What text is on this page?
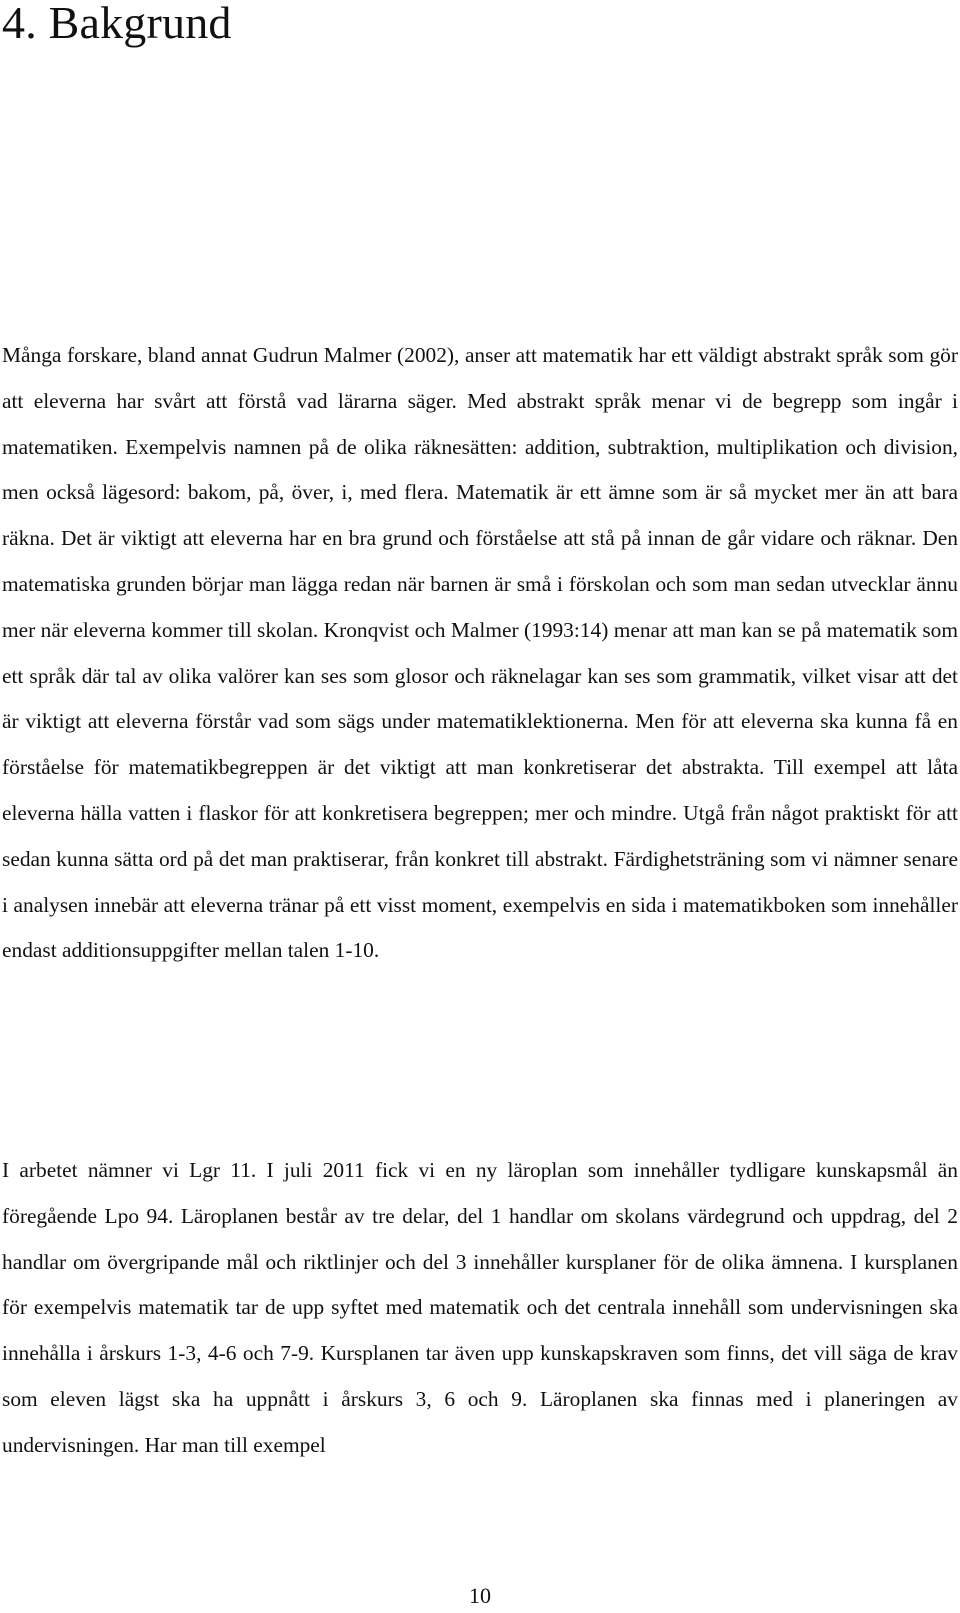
4. Bakgrund

Många forskare, bland annat Gudrun Malmer (2002), anser att matematik har ett väldigt abstrakt språk som gör att eleverna har svårt att förstå vad lärarna säger. Med abstrakt språk menar vi de begrepp som ingår i matematiken. Exempelvis namnen på de olika räknesätten: addition, subtraktion, multiplikation och division, men också lägesord: bakom, på, över, i, med flera. Matematik är ett ämne som är så mycket mer än att bara räkna. Det är viktigt att eleverna har en bra grund och förståelse att stå på innan de går vidare och räknar. Den matematiska grunden börjar man lägga redan när barnen är små i förskolan och som man sedan utvecklar ännu mer när eleverna kommer till skolan. Kronqvist och Malmer (1993:14) menar att man kan se på matematik som ett språk där tal av olika valörer kan ses som glosor och räknelagar kan ses som grammatik, vilket visar att det är viktigt att eleverna förstår vad som sägs under matematiklektionerna. Men för att eleverna ska kunna få en förståelse för matematikbegreppen är det viktigt att man konkretiserar det abstrakta. Till exempel att låta eleverna hälla vatten i flaskor för att konkretisera begreppen; mer och mindre. Utgå från något praktiskt för att sedan kunna sätta ord på det man praktiserar, från konkret till abstrakt. Färdighetsträning som vi nämner senare i analysen innebär att eleverna tränar på ett visst moment, exempelvis en sida i matematikboken som innehåller endast additionsuppgifter mellan talen 1-10.

I arbetet nämner vi Lgr 11. I juli 2011 fick vi en ny läroplan som innehåller tydligare kunskapsmål än föregående Lpo 94. Läroplanen består av tre delar, del 1 handlar om skolans värdegrund och uppdrag, del 2 handlar om övergripande mål och riktlinjer och del 3 innehåller kursplaner för de olika ämnena. I kursplanen för exempelvis matematik tar de upp syftet med matematik och det centrala innehåll som undervisningen ska innehålla i årskurs 1-3, 4-6 och 7-9. Kursplanen tar även upp kunskapskraven som finns, det vill säga de krav som eleven lägst ska ha uppnått i årskurs 3, 6 och 9. Läroplanen ska finnas med i planeringen av undervisningen. Har man till exempel

10
